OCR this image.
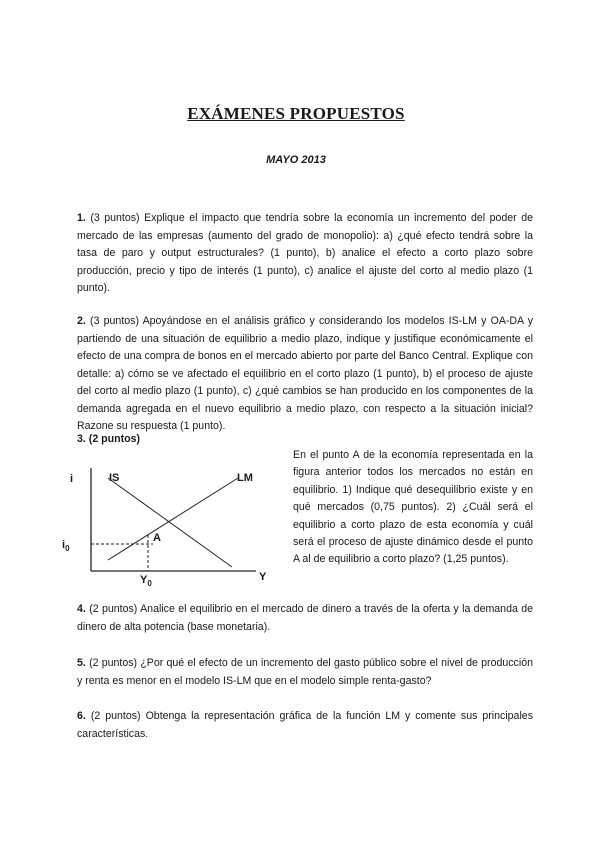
EXÁMENES PROPUESTOS
MAYO 2013

1. (3 puntos) Explique el impacto que tendría sobre la economía un incremento del poder de mercado de las empresas (aumento del grado de monopolio): a) ¿qué efecto tendrá sobre la tasa de paro y output estructurales? (1 punto), b) analice el efecto a corto plazo sobre producción, precio y tipo de interés (1 punto), c) analice el ajuste del corto al medio plazo (1 punto).

2. (3 puntos) Apoyándose en el análisis gráfico y considerando los modelos IS-LM y OA-DA y partiendo de una situación de equilibrio a medio plazo, indique y justifique económicamente el efecto de una compra de bonos en el mercado abierto por parte del Banco Central. Explique con detalle: a) cómo se ve afectado el equilibrio en el corto plazo (1 punto), b) el proceso de ajuste del corto al medio plazo (1 punto), c) ¿qué cambios se han producido en los componentes de la demanda agregada en el nuevo equilibrio a medio plazo, con respecto a la situación inicial? Razone su respuesta (1 punto).

3. (2 puntos)
i	IS	LM
A
$i_0$
$Y_0$
Y

En el punto A de la economía representada en la figura anterior todos los mercados no están en equilibrio. 1) Indique qué desequilibrio existe y en qué mercados (0,75 puntos). 2) ¿Cuál será el equilibrio a corto plazo de esta economía y cuál será el proceso de ajuste dinámico desde el punto A al de equilibrio a corto plazo? (1,25 puntos).

4. (2 puntos) Analice el equilibrio en el mercado de dinero a través de la oferta y la demanda de dinero de alta potencia (base monetaria).

5. (2 puntos) ¿Por qué el efecto de un incremento del gasto público sobre el nivel de producción y renta es menor en el modelo IS-LM que en el modelo simple renta-gasto?

6. (2 puntos) Obtenga la representación gráfica de la función LM y comente sus principales características.
